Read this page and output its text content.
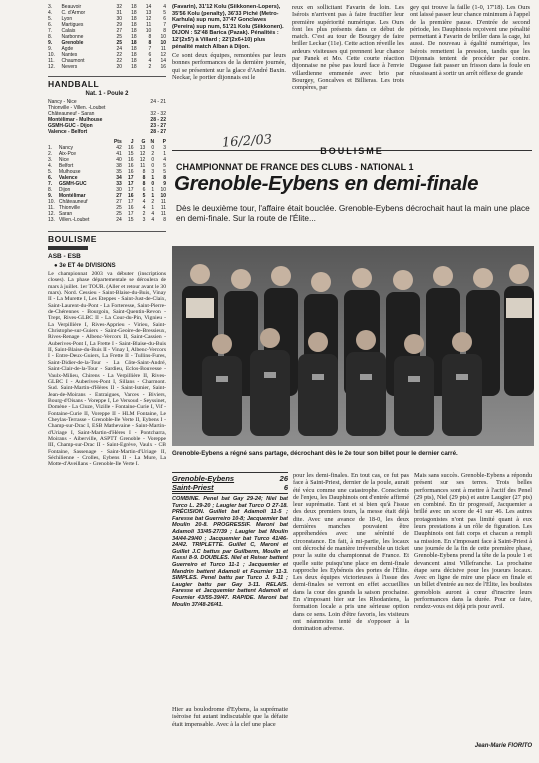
3.	Beauvoir	32	18	14	4
4.	C. d'Armor	31	18	13	5
5.	Lyon	30	18	12	6
6.	Martigues	29	18	11	7
7.	Calais	27	18	10	8
8.	Narbonne	25	18	8	10
9.	Grenoble	25	18	8	10
9.	Agde	24	18	7	11
10.	Nantes	22	18	6	12
11.	Chaumont	22	18	4	14
12.	Nevers	20	18	2	16
HANDBALL
Nat. 1 - Poule 2
Nancy - Nice	24 - 21
Thionville - Villen. -Loubet	
Châteauneuf - Saran	32 - 32
Montélimar - Mulhouse	28 - 22
GSMH-GUC - Dijon	23 - 27
Valence - Belfort	28 - 27
		Pts	J	G	N	P
1.	Nancy	42	16	13	0	3
2.	Aix-Pce	41	15	12	2	1
3.	Nice	40	16	12	0	4
4.	Belfort	38	16	11	0	5
5.	Mulhouse	35	16	8	3	5
6.	Valence	34	17	8	1	8
7.	GSMH-GUC	33	17	8	0	9
8.	Dijon	30	17	6	1	10
9.	Montélimar	27	16	5	1	10
10.	Châteauneuf	27	17	4	2	11
11.	Thionville	25	16	4	1	11
12.	Saran	25	17	2	4	11
13.	Villen.-Loubet	24	15	3	4	8
BOULISME
ASB - ESB
● 3e ET 4e DIVISIONS
Le championnat 2003 va débuter (inscriptions closes). La phase départementale se déroulera de mars à juillet. 1er TOUR. (Aller et retour avant le 30 mars). Nord. Cessieu - Saint-Blaise-du-Buis, Vinay II - La Murette I, Les Eteppes - Saint-Just-de-Claix, Saint-Laurent-du-Pont - La Forteresse, Saint-Pierre-de-Chérennes - Bourgoin, Saint-Quentin-Revon - Trept, Rives-GLBC II - La Cour-du-Pin, Vignieu - La Verpillière I, Rives-Apprieu - Virieu, Saint-Christophe-sur-Guiers - Saint-Geoire-de-Bressieux, Rives-Renage - Albenc-Vercors II, Saint-Cassien - Auberives-Pont I, La Frette I - Saint-Blaise-du-Buis II, Saint-Blaise-du-Buis II - Vinay I, Albenc-Vercors I - Entre-Deux-Guiers, La Frette II - Tullins-Fures, Saint-Didier-de-la-Tour - La Côte-Saint-André, Saint-Clair-de-la-Tour - Sardieu, Eclos-Bouvesse - Vaulx-Milieu, Chirens - La Verpillière II, Rives-GLBC I - Auberives-Pont I, Sillans - Charmont. Sud. Saint-Martin-d'Hères II - Saint-Ismier, Saint-Jean-de-Moirans - Entraigues, Varces - Biviers, Bourg-d'Oisans - Voreppe I, Le Versoud - Seyssinet, Domène - La Cluze, Vizille - Fontaine-Curie I, Vif - Fontaine-Curie II, Voreppe II - HLM Fontaine, Le Cheylas-Terrasse - Grenoble-Ile Verte II, Eybens I - Champ-sur-Drac I, ESB Mathevaine - Saint-Martin-d'Uriage I, Saint-Martin-d'Hères I - Pontcharra, Moirans - Aiberville, ASPTT Grenoble - Voreppe III, Champ-sur-Drac II - Saint-Egrève, Vaulx - CB Fontaine, Sassenage - Saint-Martin-d'Uriage II, Séchilienne - Crolles, Eybens II - La Mure, La Motte-d'Aveillans - Grenoble-Ile Verte I.
(Favarin), 31'12 Kolu (Siikkonen-Lopers), 35'56 Kolu (penalty), 36'33 Piché (Metro-Karhula) sup num, 37'47 Gonclaves (Pereira) sup num, 51'21 Kolu (Siikkonen). DIJON : 52'48 Barica (Pazak). Pénalités : 12'(2x5') à Villard ; 22'(2x6+10) plus pénalité match Alban à Dijon.
Ce sont deux équipes, remontées par leurs bonnes performances de la dernière journée, qui se présentent sur la glace d'André Baxin. Neckar, le portier dijonnais est le
reux en sollicitant Favarin de loin. Les Isérois n'arrivent pas à faire fructifier leur première supériorité numérique. Les Ours font les plus présents dans ce début de match. C'est au tour de Bourgey de faire briller Leckar (11e). Cette action réveille les ardeurs visiteuses qui prennent leur chance par Panek et Mo. Cette courte réaction dijonnaise ne pèse pas lourd face à l'envie villardienne emmenée avec brio par Bourgey, Goncalves et Billieras. Les trois compères, par
gey qui trouve la faille (1-0, 17'18). Les Ours ont laissé passer leur chance minimum à l'appel de la première pause. D'entrée de second période, les Dauphinois reçoivent une pénalité permettant à Favarin de briller dans la cage, lui aussi. De nouveau à égalité numérique, les Isérois remettent la pression, tandis que les Dijonnais tentent de procéder par contre. Dugasse fait passer un frisson dans la foule en réussissant à sortir un arrêt réflexe de grande
16/2/03
BOULISME
CHAMPIONNAT DE FRANCE DES CLUBS - NATIONAL 1
Grenoble-Eybens en demi-finale
Dès le deuxième tour, l'affaire était bouclée. Grenoble-Eybens décrochait haut la main une place en demi-finale. Sur la route de l'Élite...
Grenoble-Eybens a régné sans partage, décrochant dès le 2e tour son billet pour le dernier carré.
Grenoble-Eybens	26
Saint-Priest	6
COMBINÉ. Penel bat Gay 29-24; Niel bat Turco L. 29-20 ; Laugier bat Turco O 27-18. PRÉCISION. Guillet bat Adamoli 11-5 ; Faresse bat Guerreiro 10-8; Jacquemier bat Moulin 20-8. PROGRESSIF. Maroni bat Adamoli 33/45-27/39 ; Laugier bat Moulin 34/44-29/40 ; Jacquemier bat Turco 41/46-24/42. TRIPLETTE. Guillet C, Maroni et Guillet J.C battus par Guilberm, Moulin et Kassi 8-9. DOUBLES. Niel et Reiser battent Guerreiro et Turco 11-1 ; Jacquemier et Mandrin battent Adamoli et Fournier 11-3. SIMPLES. Penel battu par Turco J. 9-11 ; Laugier battu par Gay 3-11. RELAIS. Faresse et Jacquemier battent Adamoli et Fournier 43/55-39/47. RAPIDE. Maroni bat Moulin 37/48-26/41.
Hier au boulodrome d'Eybens, la suprématie isèroise fut autant indiscutable que la défaite était impensable. Avec à la clef une place
pour les demi-finales. En tout cas, ce fut pas face à Saint-Priest, dernier de la poule, aurait été vécu comme une catastrophe. Conscients de l'enjeu, les Dauphinois ont d'entrée affirmé leur suprématie. Tant et si bien qu'à l'issue des deux premiers tours, la messe était déjà dite. Avec une avance de 18-0, les deux dernières manches pouvaient être appréhendées avec une sérénité de circonstance. En fait, à mi-partie, les locaux ont décroché de manière irréversible un ticket pour la suite du championnat de France. Et quelle suite puisqu'une place en demi-finale rapproche les Eybénois des portes de l'Élite. Les deux équipes victorieuses à l'issue des demi-finales se verront en effet accueillies dans la cour des grands la saison prochaine. En s'imposant hier sur les Rhodaniens, la formation locale a pris une sérieuse option dans ce sens. Loin d'être favoris, les visiteurs ont néanmoins tenté de s'opposer à la domination adverse.
Mais sans succès. Grenoble-Eybens a répondu présent sur ses terres. Trois belles performances sont à mettre à l'actif des Penel (29 pts), Niel (29 pts) et autre Laugier (27 pts) en combiné. En tir progressif, Jacquemier a brillé avec un score de 41 sur 46. Les autres protagonistes n'ont pas limité quant à eux leurs prestations à un rôle de figuration. Les Dauphinois ont fait corps et chacun a rempli sa mission. En s'imposant face à Saint-Priest à une journée de la fin de cette première phase, Grenoble-Eybens prend la tête de la poule 1 et devancent ainsi Villefranche. La prochaine étape sera décisive pour les joueurs locaux. Avec en ligne de mire une place en finale et un billet d'entrée au nez de l'Élite, les boulistes grenoblois auront à cœur d'inscrire leurs performances dans la durée. Pour ce faire, rendez-vous est déjà pris pour avril.
Jean-Marie FIORITO
